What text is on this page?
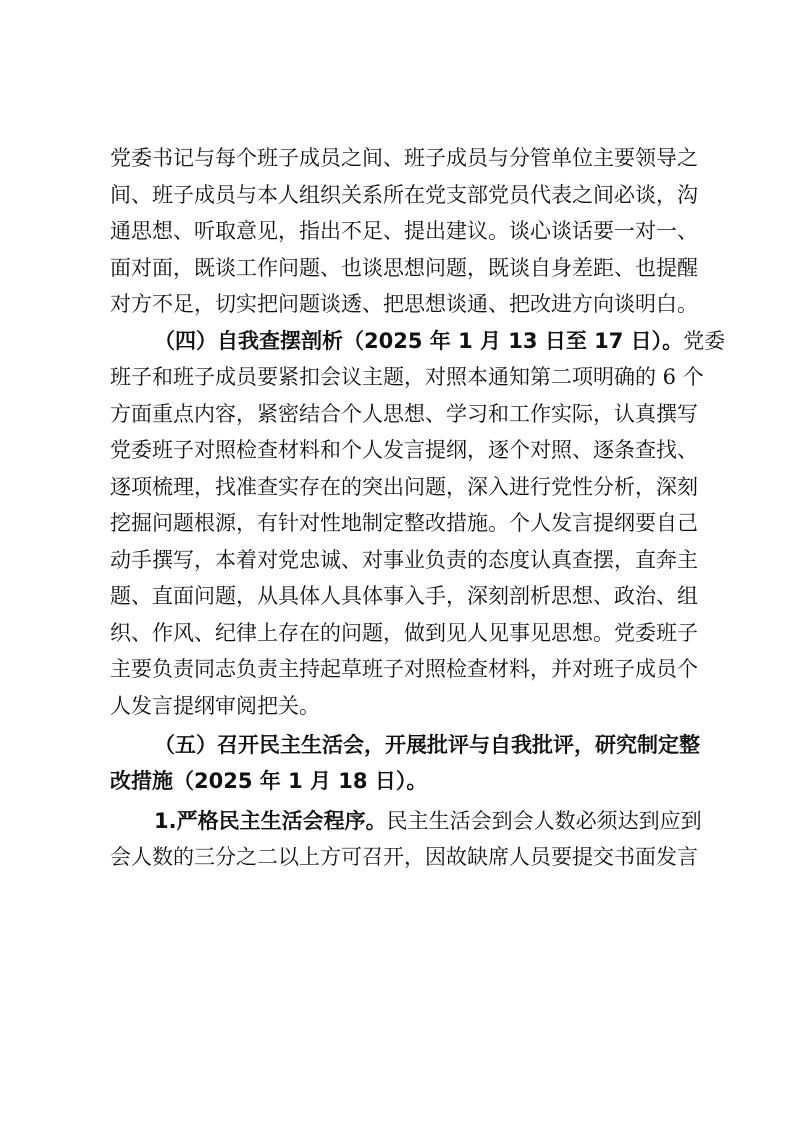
党委书记与每个班子成员之间、班子成员与分管单位主要领导之
间、班子成员与本人组织关系所在党支部党员代表之间必谈，沟
通思想、听取意见，指出不足、提出建议。谈心谈话要一对一、
面对面，既谈工作问题、也谈思想问题，既谈自身差距、也提醒
对方不足，切实把问题谈透、把思想谈通、把改进方向谈明白。
（四）自我查摆剖析（2025 年 1 月 13 日至 17 日）。党委
班子和班子成员要紧扣会议主题，对照本通知第二项明确的 6 个
方面重点内容，紧密结合个人思想、学习和工作实际，认真撰写
党委班子对照检查材料和个人发言提纲，逐个对照、逐条查找、
逐项梳理，找准查实存在的突出问题，深入进行党性分析，深刻
挖掘问题根源，有针对性地制定整改措施。个人发言提纲要自己
动手撰写，本着对党忠诚、对事业负责的态度认真查摆，直奔主
题、直面问题，从具体人具体事入手，深刻剖析思想、政治、组
织、作风、纪律上存在的问题，做到见人见事见思想。党委班子
主要负责同志负责主持起草班子对照检查材料，并对班子成员个
人发言提纲审阅把关。
（五）召开民主生活会，开展批评与自我批评，研究制定整
改措施（2025 年 1 月 18 日）。
1.严格民主生活会程序。民主生活会到会人数必须达到应到
会人数的三分之二以上方可召开，因故缺席人员要提交书面发言
